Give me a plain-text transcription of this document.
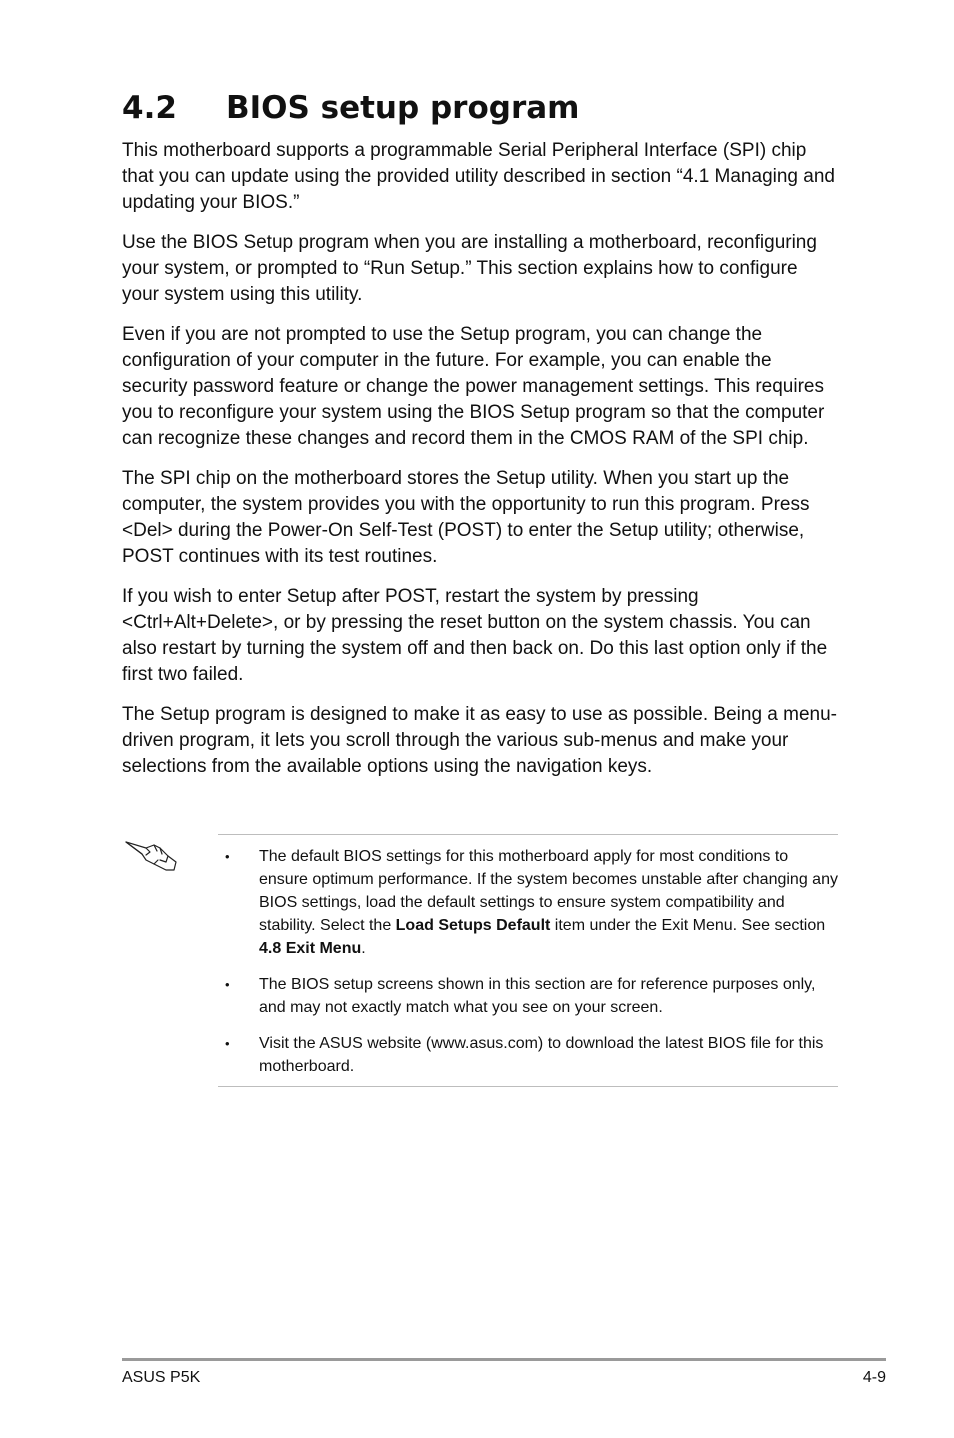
4.2 BIOS setup program

This motherboard supports a programmable Serial Peripheral Interface (SPI) chip that you can update using the provided utility described in section “4.1 Managing and updating your BIOS.”

Use the BIOS Setup program when you are installing a motherboard, reconfiguring your system, or prompted to “Run Setup.” This section explains how to configure your system using this utility.

Even if you are not prompted to use the Setup program, you can change the configuration of your computer in the future. For example, you can enable the security password feature or change the power management settings. This requires you to reconfigure your system using the BIOS Setup program so that the computer can recognize these changes and record them in the CMOS RAM of the SPI chip.

The SPI chip on the motherboard stores the Setup utility. When you start up the computer, the system provides you with the opportunity to run this program. Press <Del> during the Power-On Self-Test (POST) to enter the Setup utility; otherwise, POST continues with its test routines.

If you wish to enter Setup after POST, restart the system by pressing <Ctrl+Alt+Delete>, or by pressing the reset button on the system chassis. You can also restart by turning the system off and then back on. Do this last option only if the first two failed.

The Setup program is designed to make it as easy to use as possible. Being a menu-driven program, it lets you scroll through the various sub-menus and make your selections from the available options using the navigation keys.

•	The default BIOS settings for this motherboard apply for most conditions to ensure optimum performance. If the system becomes unstable after changing any BIOS settings, load the default settings to ensure system compatibility and stability. Select the Load Setups Default item under the Exit Menu. See section 4.8 Exit Menu.
•	The BIOS setup screens shown in this section are for reference purposes only, and may not exactly match what you see on your screen.
•	Visit the ASUS website (www.asus.com) to download the latest BIOS file for this motherboard.
ASUS P5K	4-9
